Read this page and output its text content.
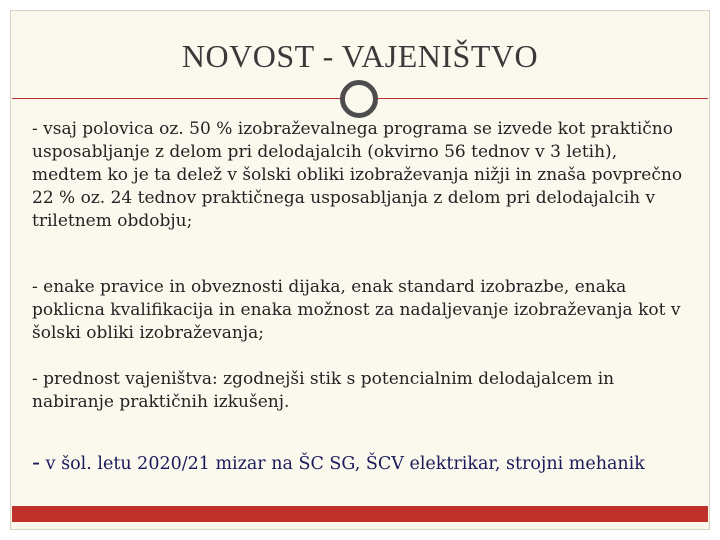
NOVOST - VAJENIŠTVO

- vsaj polovica oz. 50 % izobraževalnega programa se izvede kot praktično usposabljanje z delom pri delodajalcih (okvirno 56 tednov v 3 letih), medtem ko je ta delež v šolski obliki izobraževanja nižji in znaša povprečno 22 % oz. 24 tednov praktičnega usposabljanja z delom pri delodajalcih v triletnem obdobju;

- enake pravice in obveznosti dijaka, enak standard izobrazbe, enaka poklicna kvalifikacija in enaka možnost za nadaljevanje izobraževanja kot v šolski obliki izobraževanja;

- prednost vajeništva: zgodnejši stik s potencialnim delodajalcem in nabiranje praktičnih izkušenj.

- v šol. letu 2020/21 mizar na ŠC SG, ŠCV elektrikar, strojni mehanik
